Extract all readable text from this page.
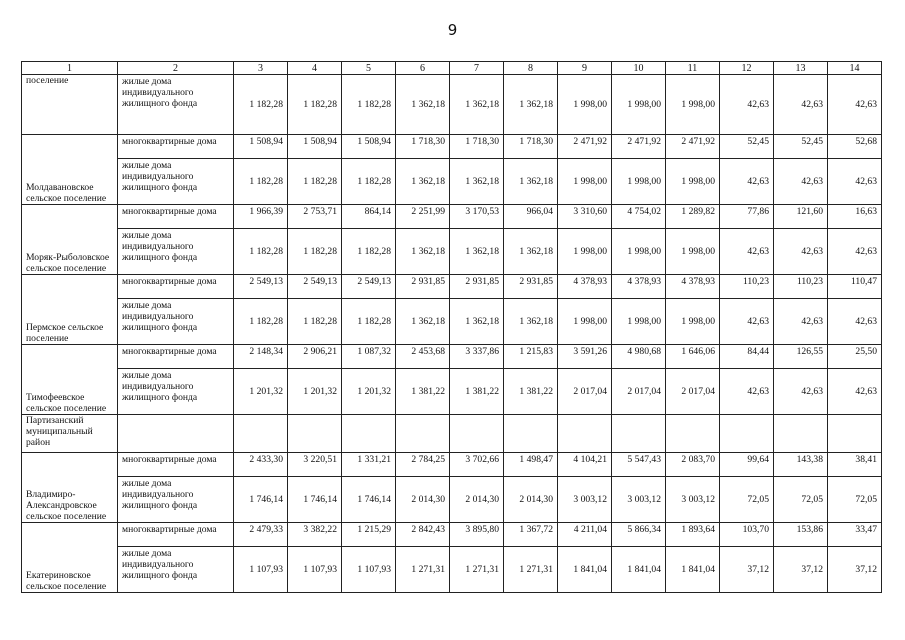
9
1	2	3	4	5	6	7	8	9	10	11	12	13	14
поселение	жилые дома индивидуального жилищного фонда	1 182,28	1 182,28	1 182,28	1 362,18	1 362,18	1 362,18	1 998,00	1 998,00	1 998,00	42,63	42,63	42,63
Молдавановское сельское поселение	многоквартирные дома	1 508,94	1 508,94	1 508,94	1 718,30	1 718,30	1 718,30	2 471,92	2 471,92	2 471,92	52,45	52,45	52,68
	жилые дома индивидуального жилищного фонда	1 182,28	1 182,28	1 182,28	1 362,18	1 362,18	1 362,18	1 998,00	1 998,00	1 998,00	42,63	42,63	42,63
Моряк-Рыболовское сельское поселение	многоквартирные дома	1 966,39	2 753,71	864,14	2 251,99	3 170,53	966,04	3 310,60	4 754,02	1 289,82	77,86	121,60	16,63
	жилые дома индивидуального жилищного фонда	1 182,28	1 182,28	1 182,28	1 362,18	1 362,18	1 362,18	1 998,00	1 998,00	1 998,00	42,63	42,63	42,63
Пермское сельское поселение	многоквартирные дома	2 549,13	2 549,13	2 549,13	2 931,85	2 931,85	2 931,85	4 378,93	4 378,93	4 378,93	110,23	110,23	110,47
	жилые дома индивидуального жилищного фонда	1 182,28	1 182,28	1 182,28	1 362,18	1 362,18	1 362,18	1 998,00	1 998,00	1 998,00	42,63	42,63	42,63
Тимофеевское сельское поселение	многоквартирные дома	2 148,34	2 906,21	1 087,32	2 453,68	3 337,86	1 215,83	3 591,26	4 980,68	1 646,06	84,44	126,55	25,50
	жилые дома индивидуального жилищного фонда	1 201,32	1 201,32	1 201,32	1 381,22	1 381,22	1 381,22	2 017,04	2 017,04	2 017,04	42,63	42,63	42,63
Партизанский муниципальный район													
Владимиро-Александровское сельское поселение	многоквартирные дома	2 433,30	3 220,51	1 331,21	2 784,25	3 702,66	1 498,47	4 104,21	5 547,43	2 083,70	99,64	143,38	38,41
	жилые дома индивидуального жилищного фонда	1 746,14	1 746,14	1 746,14	2 014,30	2 014,30	2 014,30	3 003,12	3 003,12	3 003,12	72,05	72,05	72,05
Екатериновское сельское поселение	многоквартирные дома	2 479,33	3 382,22	1 215,29	2 842,43	3 895,80	1 367,72	4 211,04	5 866,34	1 893,64	103,70	153,86	33,47
	жилые дома индивидуального жилищного фонда	1 107,93	1 107,93	1 107,93	1 271,31	1 271,31	1 271,31	1 841,04	1 841,04	1 841,04	37,12	37,12	37,12
